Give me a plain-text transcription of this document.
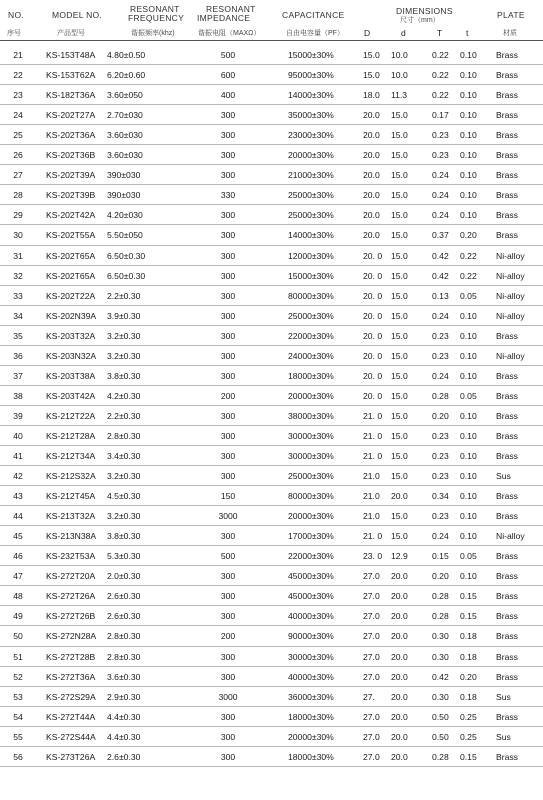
NO.
序号
MODEL NO.
产品型号
RESONANT
FREQUENCY
谐振频率(khz)
RESONANT
IMPEDANCE
谐振电阻（MAXΩ）
CAPACITANCE
自由电容量（PF）
DIMENSIONS
尺寸（mm）
D	d	T	t
PLATE
材质
21	KS-153T48A 4.80±0.50	500	15000±30%	15.0 10.0	0.22 0.10 Brass
22	KS-153T62A 6.20±0.60	600	95000±30%	15.0 10.0	0.22 0.10 Brass
23	KS-182T36A 3.60±050	400	14000±30%	18.0 11.3	0.22 0.10 Brass
24	KS-202T27A 2.70±030	300	35000±30%	20.0 15.0	0.17 0.10 Brass
25	KS-202T36A 3.60±030	300	23000±30%	20.0 15.0	0.23 0.10 Brass
26	KS-202T36B 3.60±030	300	20000±30%	20.0 15.0	0.23 0.10 Brass
27	KS-202T39A 390±030	300	21000±30%	20.0 15.0	0.24 0.10 Brass
28	KS-202T39B 390±030	330	25000±30%	20.0 15.0	0.24 0.10 Brass
29	KS-202T42A 4.20±030	300	25000±30%	20.0 15.0	0.24 0.10 Brass
30	KS-202T55A 5.50±050	300	14000±30%	20.0 15.0	0.37 0.20 Brass
31	KS-202T65A 6.50±0.30	300	12000±30%	20. 0 15.0	0.42 0.22 Ni-alloy
32	KS-202T65A 6.50±0.30	300	15000±30%	20. 0 15.0	0.42 0.22 Ni-alloy
33	KS-202T22A 2.2±0.30	300	80000±30%	20. 0 15.0	0.13 0.05 Ni-alloy
34	KS-202N39A 3.9±0.30	300	25000±30%	20. 0 15.0	0.24 0.10 Ni-alloy
35	KS-203T32A 3.2±0.30	300	22000±30%	20. 0 15.0	0.23 0.10 Brass
36	KS-203N32A 3.2±0.30	300	24000±30%	20. 0 15.0	0.23 0.10 Ni-alloy
37	KS-203T38A 3.8±0.30	300	18000±30%	20. 0 15.0	0.24 0.10 Brass
38	KS-203T42A 4.2±0.30	200	20000±30%	20. 0 15.0	0.28 0.05 Brass
39	KS-212T22A 2.2±0.30	300	38000±30%	21. 0 15.0	0.20 0.10 Brass
40	KS-212T28A 2.8±0.30	300	30000±30%	21. 0 15.0	0.23 0.10 Brass
41	KS-212T34A 3.4±0.30	300	30000±30%	21. 0 15.0	0.23 0.10 Brass
42	KS-212S32A 3.2±0.30	300	25000±30%	21.0 15.0	0.23 0.10 Sus
43	KS-212T45A 4.5±0.30	150	80000±30%	21.0 20.0	0.34 0.10 Brass
44	KS-213T32A 3.2±0.30	3000	20000±30%	21.0 15.0	0.23 0.10 Brass
45	KS-213N38A 3.8±0.30	300	17000±30%	21. 0 15.0	0.24 0.10 Ni-alloy
46	KS-232T53A 5.3±0.30	500	22000±30%	23. 0 12.9	0.15 0.05 Brass
47	KS-272T20A 2.0±0.30	300	45000±30%	27.0 20.0	0.20 0.10 Brass
48	KS-272T26A 2.6±0.30	300	45000±30%	27.0 20.0	0.28 0.15 Brass
49	KS-272T26B 2.6±0.30	300	40000±30%	27.0 20.0	0.28 0.15 Brass
50	KS-272N28A 2.8±0.30	200	90000±30%	27.0 20.0	0.30 0.18 Brass
51	KS-272T28B 2.8±0.30	300	30000±30%	27.0 20.0	0.30 0.18 Brass
52	KS-272T36A 3.6±0.30	300	40000±30%	27.0 20.0	0.42 0.20 Brass
53	KS-272S29A 2.9±0.30	3000	36000±30%	27. 20.0	0.30 0.18 Sus
54	KS-272T44A 4.4±0.30	300	18000±30%	27.0 20.0	0.50 0.25 Brass
55	KS-272S44A 4.4±0.30	300	20000±30%	27.0 20.0	0.50 0.25 Sus
56	KS-273T26A 2.6±0.30	300	18000±30%	27.0 20.0	0.28 0.15 Brass
